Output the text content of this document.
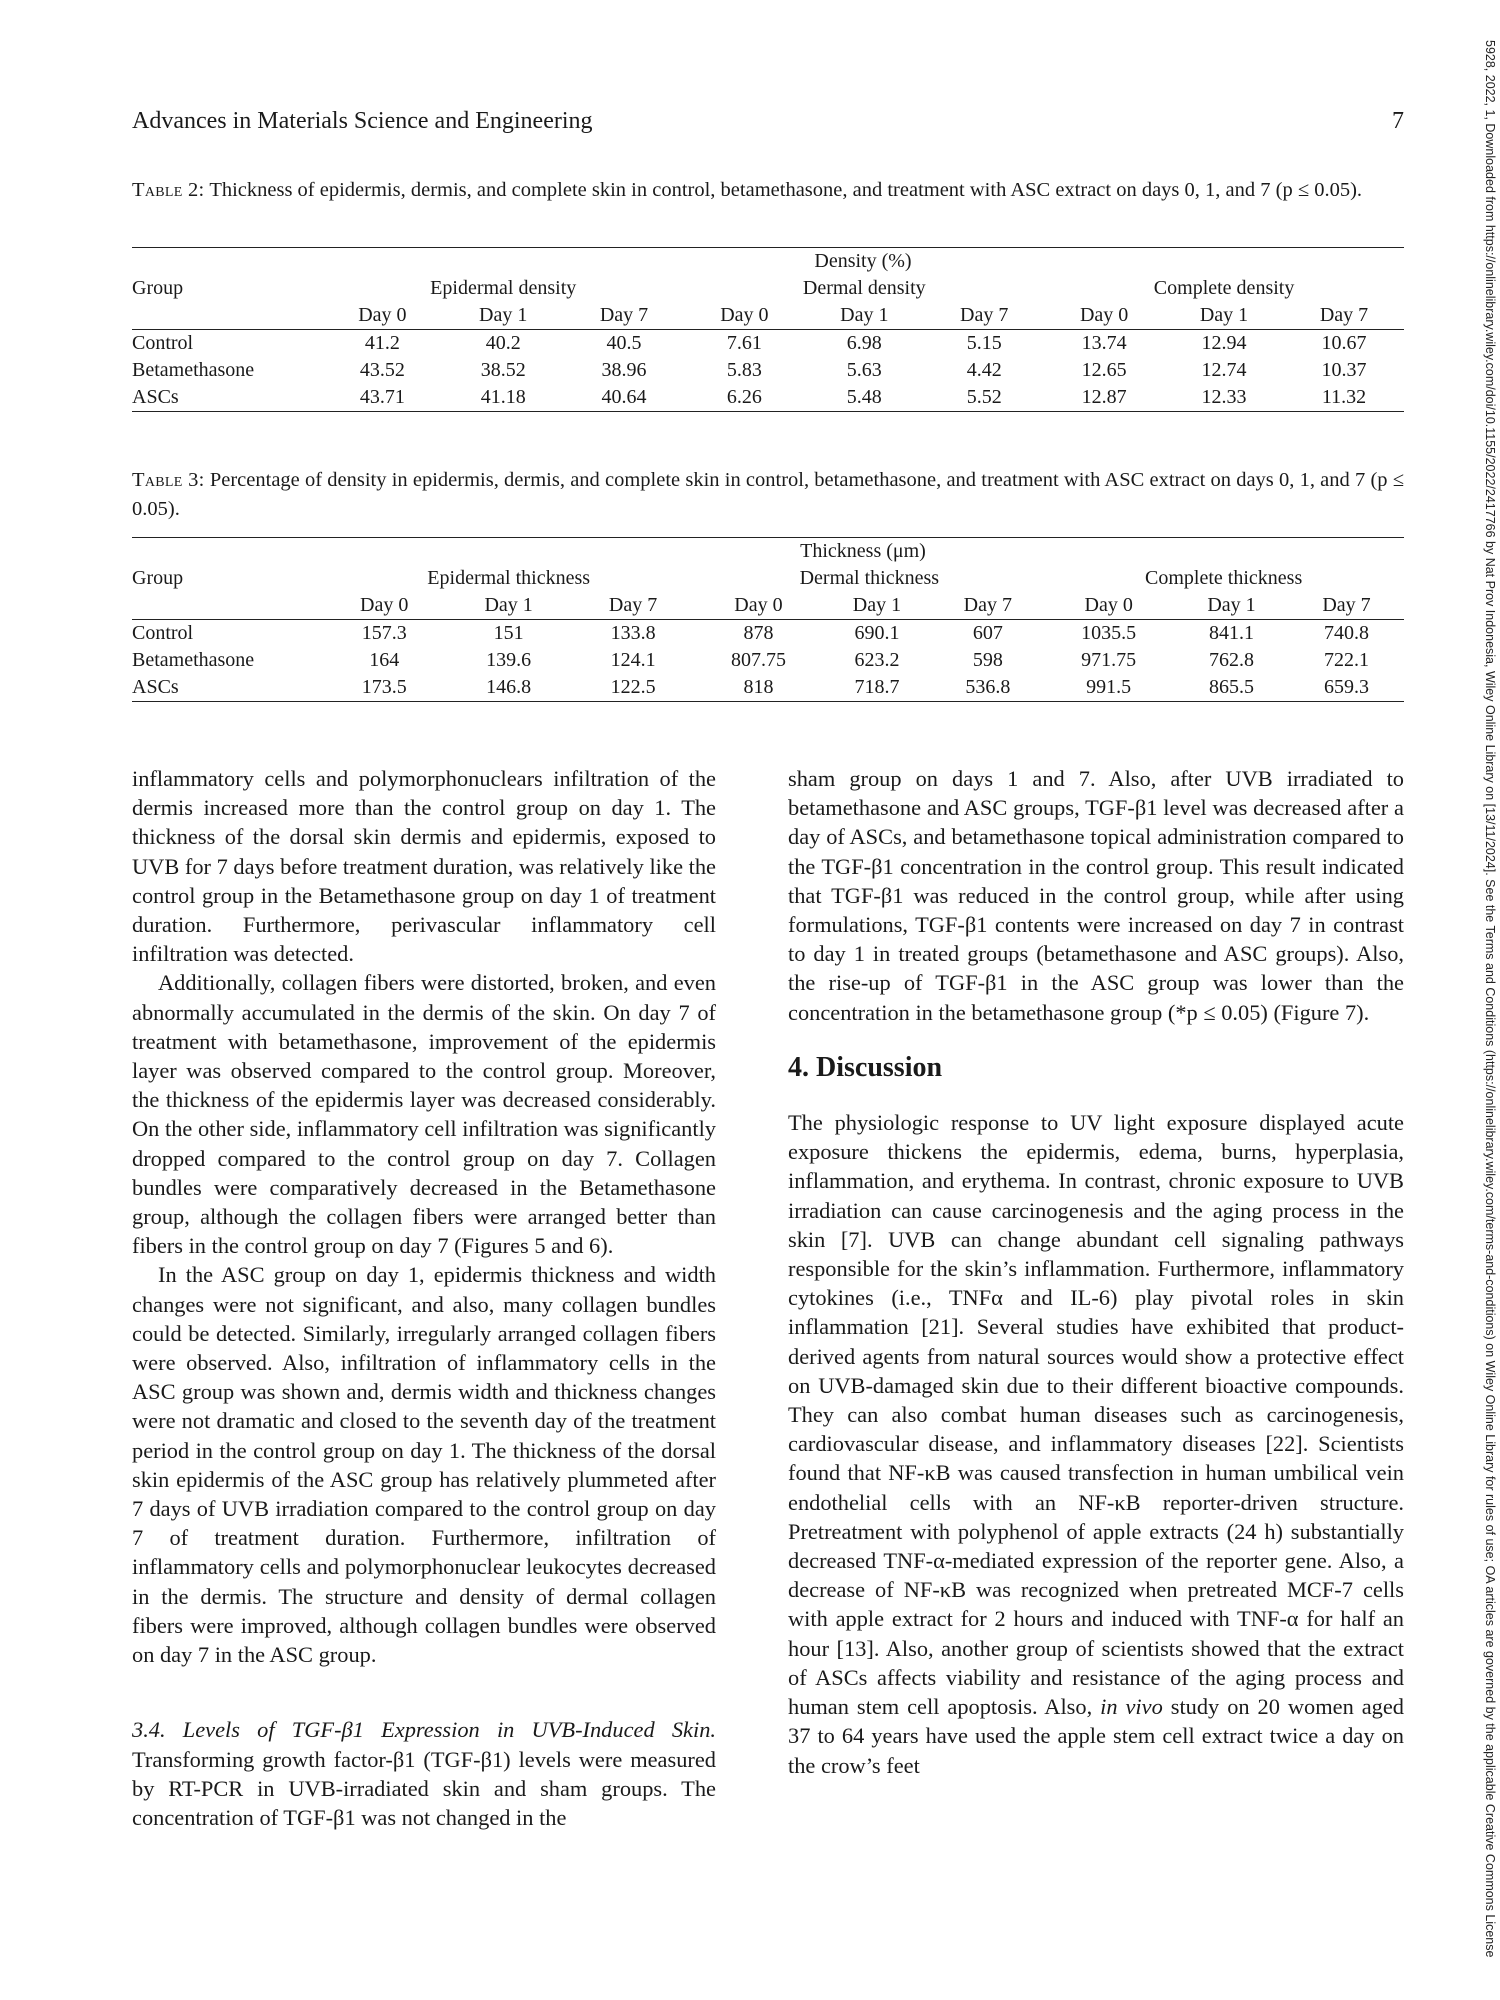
Advances in Materials Science and Engineering	7
Table 2: Thickness of epidermis, dermis, and complete skin in control, betamethasone, and treatment with ASC extract on days 0, 1, and 7 (p ≤ 0.05).
	Density (%)								
Group	Epidermal density			Dermal density			Complete density		
	Day 0	Day 1	Day 7	Day 0	Day 1	Day 7	Day 0	Day 1	Day 7
Control	41.2	40.2	40.5	7.61	6.98	5.15	13.74	12.94	10.67
Betamethasone	43.52	38.52	38.96	5.83	5.63	4.42	12.65	12.74	10.37
ASCs	43.71	41.18	40.64	6.26	5.48	5.52	12.87	12.33	11.32
Table 3: Percentage of density in epidermis, dermis, and complete skin in control, betamethasone, and treatment with ASC extract on days 0, 1, and 7 (p ≤ 0.05).
	Thickness (μm)								
Group	Epidermal thickness			Dermal thickness			Complete thickness		
	Day 0	Day 1	Day 7	Day 0	Day 1	Day 7	Day 0	Day 1	Day 7
Control	157.3	151	133.8	878	690.1	607	1035.5	841.1	740.8
Betamethasone	164	139.6	124.1	807.75	623.2	598	971.75	762.8	722.1
ASCs	173.5	146.8	122.5	818	718.7	536.8	991.5	865.5	659.3

inflammatory cells and polymorphonuclears infiltration of the dermis increased more than the control group on day 1. The thickness of the dorsal skin dermis and epidermis, exposed to UVB for 7 days before treatment duration, was relatively like the control group in the Betamethasone group on day 1 of treatment duration. Furthermore, perivascular inflammatory cell infiltration was detected.

Additionally, collagen fibers were distorted, broken, and even abnormally accumulated in the dermis of the skin. On day 7 of treatment with betamethasone, improvement of the epidermis layer was observed compared to the control group. Moreover, the thickness of the epidermis layer was decreased considerably. On the other side, inflammatory cell infiltration was significantly dropped compared to the control group on day 7. Collagen bundles were comparatively decreased in the Betamethasone group, although the collagen fibers were arranged better than fibers in the control group on day 7 (Figures 5 and 6).

In the ASC group on day 1, epidermis thickness and width changes were not significant, and also, many collagen bundles could be detected. Similarly, irregularly arranged collagen fibers were observed. Also, infiltration of inflammatory cells in the ASC group was shown and, dermis width and thickness changes were not dramatic and closed to the seventh day of the treatment period in the control group on day 1. The thickness of the dorsal skin epidermis of the ASC group has relatively plummeted after 7 days of UVB irradiation compared to the control group on day 7 of treatment duration. Furthermore, infiltration of inflammatory cells and polymorphonuclear leukocytes decreased in the dermis. The structure and density of dermal collagen fibers were improved, although collagen bundles were observed on day 7 in the ASC group.

3.4. Levels of TGF-β1 Expression in UVB-Induced Skin. Transforming growth factor-β1 (TGF-β1) levels were measured by RT-PCR in UVB-irradiated skin and sham groups. The concentration of TGF-β1 was not changed in the

sham group on days 1 and 7. Also, after UVB irradiated to betamethasone and ASC groups, TGF-β1 level was decreased after a day of ASCs, and betamethasone topical administration compared to the TGF-β1 concentration in the control group. This result indicated that TGF-β1 was reduced in the control group, while after using formulations, TGF-β1 contents were increased on day 7 in contrast to day 1 in treated groups (betamethasone and ASC groups). Also, the rise-up of TGF-β1 in the ASC group was lower than the concentration in the betamethasone group (*p ≤ 0.05) (Figure 7).

4. Discussion

The physiologic response to UV light exposure displayed acute exposure thickens the epidermis, edema, burns, hyperplasia, inflammation, and erythema. In contrast, chronic exposure to UVB irradiation can cause carcinogenesis and the aging process in the skin [7]. UVB can change abundant cell signaling pathways responsible for the skin’s inflammation. Furthermore, inflammatory cytokines (i.e., TNFα and IL-6) play pivotal roles in skin inflammation [21]. Several studies have exhibited that product-derived agents from natural sources would show a protective effect on UVB-damaged skin due to their different bioactive compounds. They can also combat human diseases such as carcinogenesis, cardiovascular disease, and inflammatory diseases [22]. Scientists found that NF-κB was caused transfection in human umbilical vein endothelial cells with an NF-κB reporter-driven structure. Pretreatment with polyphenol of apple extracts (24 h) substantially decreased TNF-α-mediated expression of the reporter gene. Also, a decrease of NF-κB was recognized when pretreated MCF-7 cells with apple extract for 2 hours and induced with TNF-α for half an hour [13]. Also, another group of scientists showed that the extract of ASCs affects viability and resistance of the aging process and human stem cell apoptosis. Also, in vivo study on 20 women aged 37 to 64 years have used the apple stem cell extract twice a day on the crow’s feet	5928, 2022, 1, Downloaded from https://onlinelibrary.wiley.com/doi/10.1155/2022/2417766 by Nat Prov Indonesia, Wiley Online Library on [13/11/2024]. See the Terms and Conditions (https://onlinelibrary.wiley.com/terms-and-conditions) on Wiley Online Library for rules of use; OA articles are governed by the applicable Creative Commons License
